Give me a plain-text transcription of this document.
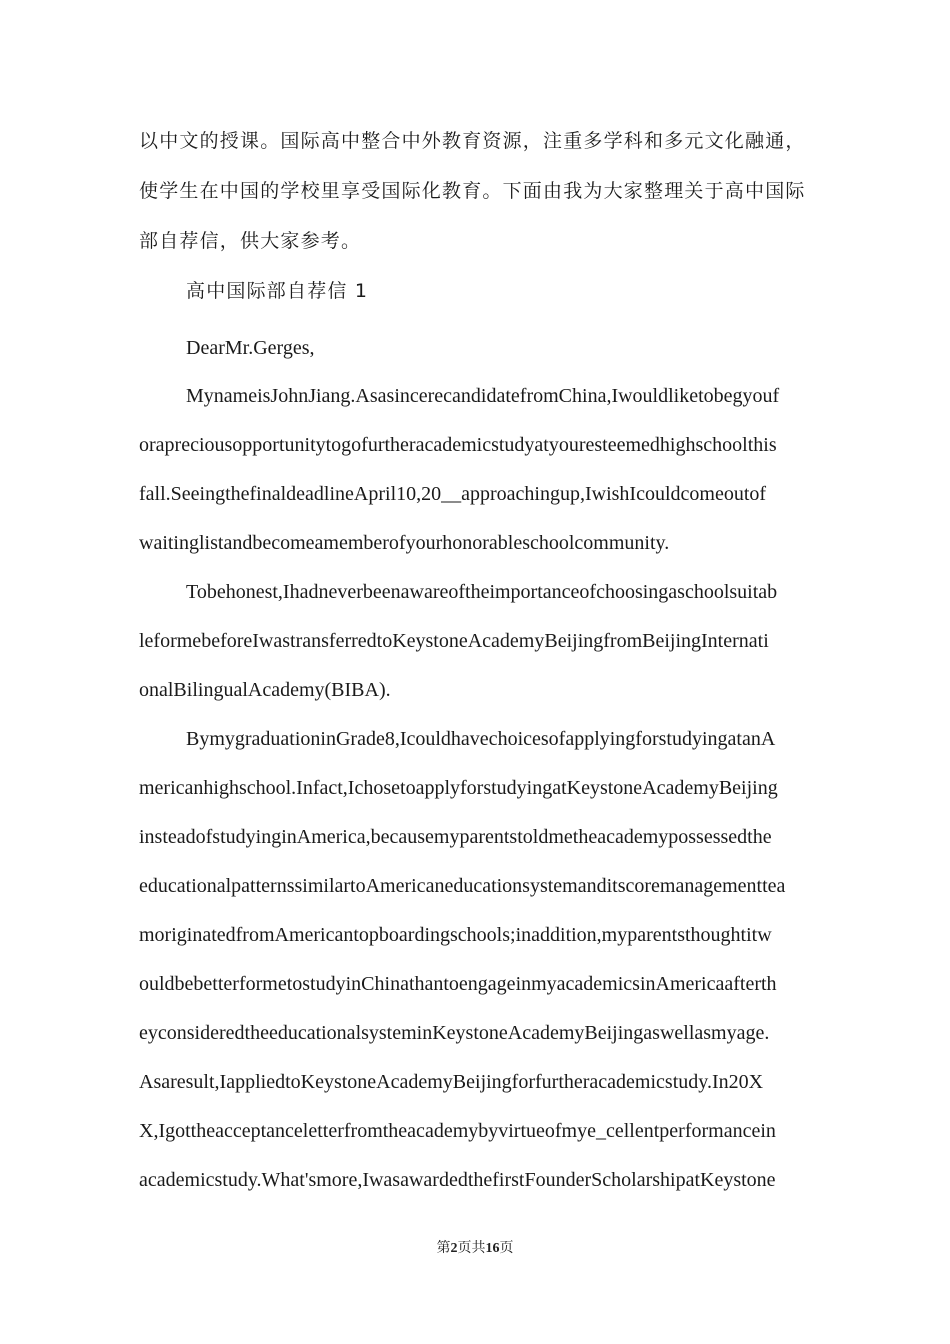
以中文的授课。国际高中整合中外教育资源，注重多学科和多元文化融通，
使学生在中国的学校里享受国际化教育。下面由我为大家整理关于高中国际
部自荐信，供大家参考。
高中国际部自荐信 1
DearMr.Gerges,
MynameisJohnJiang.AsasincerecandidatefromChina,Iwouldliketobegyouf
orapreciousopportunitytogofurtheracademicstudyatyouresteemedhighschoolthis
fall.SeeingthefinaldeadlineApril10,20__approachingup,IwishIcouldcomeoutof
waitinglistandbecomeamemberofyourhonorableschoolcommunity.
Tobehonest,Ihadneverbeenawareoftheimportanceofchoosingaschoolsuitab
leformebeforeIwastransferredtoKeystoneAcademyBeijingfromBeijingInternati
onalBilingualAcademy(BIBA).
BymygraduationinGrade8,IcouldhavechoicesofapplyingforstudyingatanA
mericanhighschool.Infact,IchosetoapplyforstudyingatKeystoneAcademyBeijing
insteadofstudyinginAmerica,becausemyparentstoldmetheacademypossessedthe
educationalpatternssimilartoAmericaneducationsystemanditscoremanagementtea
moriginatedfromAmericantopboardingschools;inaddition,myparentsthoughtitw
ouldbebetterformetostudyinChinathantoengageinmyacademicsinAmericaafterth
eyconsideredtheeducationalsysteminKeystoneAcademyBeijingaswellasmyage.
Asaresult,IappliedtoKeystoneAcademyBeijingforfurtheracademicstudy.In20X
X,Igottheacceptanceletterfromtheacademybyvirtueofmye_cellentperformancein
academicstudy.What'smore,IwasawardedthefirstFounderScholarshipatKeystone
第2页共16页
